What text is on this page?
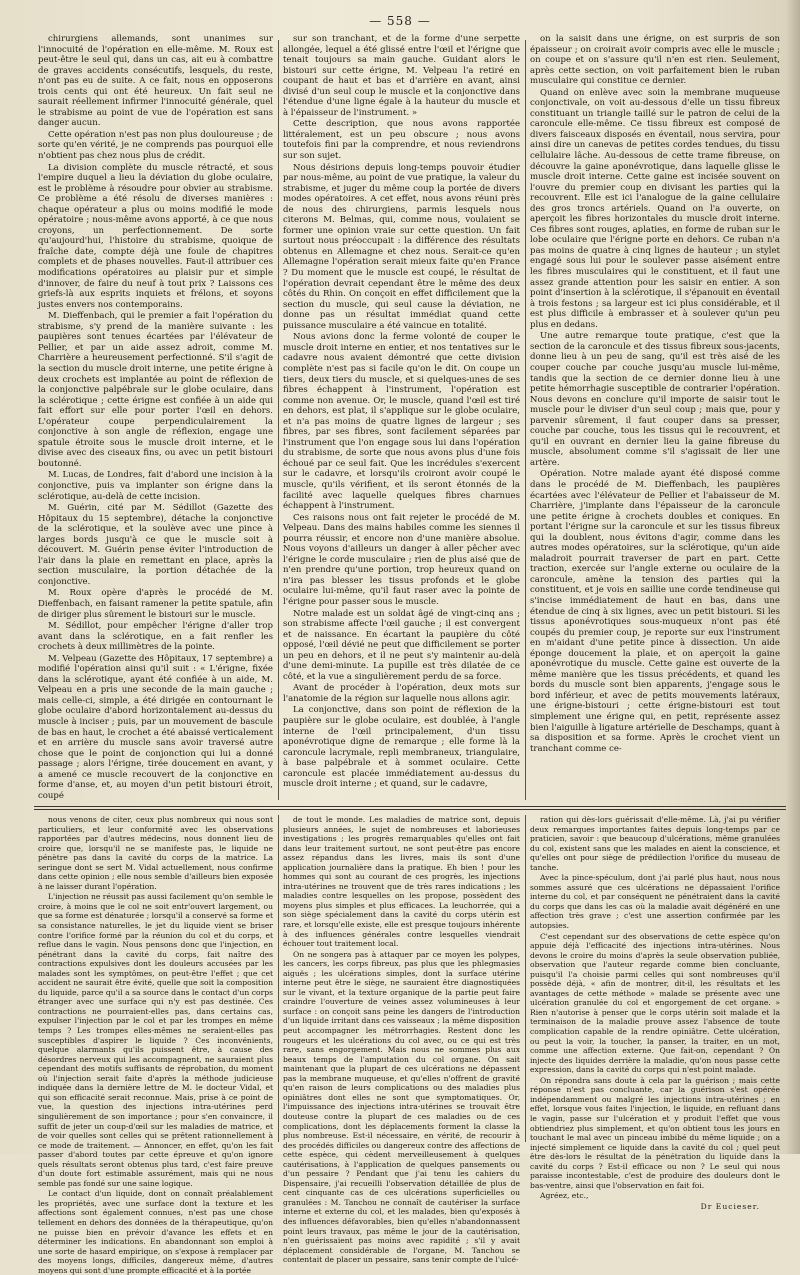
— 558 —

chirurgiens allemands, sont unanimes sur l'innocuité de l'opération en elle-même. M. Roux est peut-être le seul qui, dans un cas, ait eu à combattre de graves accidents consécutifs, lesquels, du reste, n'ont pas eu de suite. A ce fait, nous en opposerons trois cents qui ont été heureux. Un fait seul ne saurait réellement infirmer l'innocuité générale, quel le strabisme au point de vue de l'opération est sans danger aucun.

Cette opération n'est pas non plus douloureuse ; de sorte qu'en vérité, je ne comprends pas pourquoi elle n'obtient pas chez nous plus de crédit.

La division complète du muscle rétracté, et sous l'empire duquel a lieu la déviation du globe oculaire, est le problème à résoudre pour obvier au strabisme. Ce problème a été résolu de diverses manières : chaque opérateur a plus ou moins modifié le mode opératoire ; nous-même avons apporté, à ce que nous croyons, un perfectionnement. De sorte qu'aujourd'hui, l'histoire du strabisme, quoique de fraîche date, compte déjà une foule de chapitres complets et de phases nouvelles. Faut-il attribuer ces modifications opératoires au plaisir pur et simple d'innover, de faire du neuf à tout prix ? Laissons ces griefs-là aux esprits inquiets et frélons, et soyons justes envers nos contemporains.

M. Dieffenbach, qui le premier a fait l'opération du strabisme, s'y prend de la manière suivante : les paupières sont tenues écartées par l'élévateur de Pellier, et par un aide assez adroit, comme M. Charrière a heureusement perfectionné. S'il s'agit de la section du muscle droit interne, une petite érigne à deux crochets est implantée au point de réflexion de la conjonctive palpébrale sur le globe oculaire, dans la sclérotique ; cette érigne est confiée à un aide qui fait effort sur elle pour porter l'œil en dehors. L'opérateur coupe perpendiculairement la conjonctive à son angle de réflexion, engage une spatule étroite sous le muscle droit interne, et le divise avec des ciseaux fins, ou avec un petit bistouri boutonné.

M. Lucas, de Londres, fait d'abord une incision à la conjonctive, puis va implanter son érigne dans la sclérotique, au-delà de cette incision.

M. Guérin, cité par M. Sédillot (Gazette des Hôpitaux du 15 septembre), détache la conjonctive de la sclérotique, et la soulève avec une pince à larges bords jusqu'à ce que le muscle soit à découvert. M. Guérin pense éviter l'introduction de l'air dans la plaie en remettant en place, après la section musculaire, la portion détachée de la conjonctive.

M. Roux opère d'après le procédé de M. Dieffenbach, en faisant ramener la petite spatule, afin de diriger plus sûrement le bistouri sur le muscle.

M. Sédillot, pour empêcher l'érigne d'aller trop avant dans la sclérotique, en a fait renfler les crochets à deux millimètres de la pointe.

M. Velpeau (Gazette des Hôpitaux, 17 septembre) a modifié l'opération ainsi qu'il suit : « L'érigne, fixée dans la sclérotique, ayant été confiée à un aide, M. Velpeau en a pris une seconde de la main gauche ; mais celle-ci, simple, a été dirigée en contournant le globe oculaire d'abord horizontalement au-dessus du muscle à inciser ; puis, par un mouvement de bascule de bas en haut, le crochet a été abaissé verticalement et en arrière du muscle sans avoir traversé autre chose que le point de conjonction qui lui a donné passage ; alors l'érigne, tirée doucement en avant, y a amené ce muscle recouvert de la conjonctive en forme d'anse, et, au moyen d'un petit bistouri étroit, coupé

sur son tranchant, et de la forme d'une serpette allongée, lequel a été glissé entre l'œil et l'érigne que tenait toujours sa main gauche. Guidant alors le bistouri sur cette érigne, M. Velpeau l'a retiré en coupant de haut et bas et d'arrière en avant, ainsi divisé d'un seul coup le muscle et la conjonctive dans l'étendue d'une ligne égale à la hauteur du muscle et à l'épaisseur de l'instrument. »

Cette description, que nous avons rapportée littéralement, est un peu obscure ; nous avons toutefois fini par la comprendre, et nous reviendrons sur son sujet.

Nous désirions depuis long-temps pouvoir étudier par nous-même, au point de vue pratique, la valeur du strabisme, et juger du même coup la portée de divers modes opératoires. A cet effet, nous avons réuni près de nous des chirurgiens, parmis lesquels nous citerons M. Belmas, qui, comme nous, voulaient se former une opinion vraie sur cette question. Un fait surtout nous préoccupait : la différence des résultats obtenus en Allemagne et chez nous. Serait-ce qu'en Allemagne l'opération serait mieux faite qu'en France ? Du moment que le muscle est coupé, le résultat de l'opération devrait cependant être le même des deux côtés du Rhin. On conçoit en effet difficilement que la section du muscle, qui seul cause la déviation, ne donne pas un résultat immédiat quand cette puissance musculaire a été vaincue en totalité.

Nous avions donc la ferme volonté de couper le muscle droit interne en entier, et nos tentatives sur le cadavre nous avaient démontré que cette division complète n'est pas si facile qu'on le dit. On coupe un tiers, deux tiers du muscle, et si quelques-unes de ses fibres échappent à l'instrument, l'opération est comme non avenue. Or, le muscle, quand l'œil est tiré en dehors, est plat, il s'applique sur le globe oculaire, et n'a pas moins de quatre lignes de largeur ; ses fibres, par ses fibres, sont facilement séparées par l'instrument que l'on engage sous lui dans l'opération du strabisme, de sorte que nous avons plus d'une fois échoué par ce seul fait. Que les incrédules s'exercent sur le cadavre, et lorsqu'ils croiront avoir coupé le muscle, qu'ils vérifient, et ils seront étonnés de la facilité avec laquelle quelques fibres charnues échappent à l'instrument.

Ces raisons nous ont fait rejeter le procédé de M. Velpeau. Dans des mains habiles comme les siennes il pourra réussir, et encore non d'une manière absolue. Nous voyons d'ailleurs un danger à aller pêcher avec l'érigne le corde musculaire ; rien de plus aisé que de n'en prendre qu'une portion, trop heureux quand on n'ira pas blesser les tissus profonds et le globe oculaire lui-même, qu'il faut raser avec la pointe de l'érigne pour passer sous le muscle.

Notre malade est un soldat âgé de vingt-cinq ans ; son strabisme affecte l'œil gauche ; il est convergent et de naissance. En écartant la paupière du côté opposé, l'œil dévié ne peut que difficilement se porter un peu en dehors, et il ne peut s'y maintenir au-delà d'une demi-minute. La pupille est très dilatée de ce côté, et la vue a singulièrement perdu de sa force.

Avant de procéder à l'opération, deux mots sur l'anatomie de la région sur laquelle nous allons agir.

La conjonctive, dans son point de réflexion de la paupière sur le globe oculaire, est doublée, à l'angle interne de l'œil principalement, d'un tissu aponévrotique digne de remarque ; elle forme là la caroncule lacrymale, repli membraneux, triangulaire, à base palpébrale et à sommet oculaire. Cette caroncule est placée immédiatement au-dessus du muscle droit interne ; et quand, sur le cadavre,

on la saisit dans une érigne, on est surpris de son épaisseur ; on croirait avoir compris avec elle le muscle ; on coupe et on s'assure qu'il n'en est rien. Seulement, après cette section, on voit parfaitement bien le ruban musculaire qui constitue ce dernier.

Quand on enlève avec soin la membrane muqueuse conjonctivale, on voit au-dessous d'elle un tissu fibreux constituant un triangle taillé sur le patron de celui de la caroncule elle-même. Ce tissu fibreux est composé de divers faisceaux disposés en éventail, nous servira, pour ainsi dire un canevas de petites cordes tendues, du tissu cellulaire lâche. Au-dessous de cette trame fibreuse, on découvre la gaine aponévrotique, dans laquelle glisse le muscle droit interne. Cette gaine est incisée souvent on l'ouvre du premier coup en divisant les parties qui la recouvrent. Elle est ici l'analogue de la gaine cellulaire des gros troncs artériels. Quand on l'a ouverte, on aperçoit les fibres horizontales du muscle droit interne. Ces fibres sont rouges, aplaties, en forme de ruban sur le lobe oculaire que l'érigne porte en dehors. Ce ruban n'a pas moins de quatre à cinq lignes de hauteur ; un stylet engagé sous lui pour le soulever passe aisément entre les fibres musculaires qui le constituent, et il faut une assez grande attention pour les saisir en entier. A son point d'insertion à la sclérotique, il s'épanouit en éventail à trois festons ; sa largeur est ici plus considérable, et il est plus difficile à embrasser et à soulever qu'un peu plus en dedans.

Une autre remarque toute pratique, c'est que la section de la caroncule et des tissus fibreux sous-jacents, donne lieu à un peu de sang, qu'il est très aisé de les couper couche par couche jusqu'au muscle lui-même, tandis que la section de ce dernier donne lieu à une petite hémorrhagie susceptible de contrarier l'opération. Nous devons en conclure qu'il importe de saisir tout le muscle pour le diviser d'un seul coup ; mais que, pour y parvenir sûrement, il faut couper dans sa presser, couche par couche, tous les tissus qui le recouvrent, et qu'il en ouvrant en dernier lieu la gaine fibreuse du muscle, absolument comme s'il s'agissait de lier une artère.

Opération. Notre malade ayant été disposé comme dans le procédé de M. Dieffenbach, les paupières écartées avec l'élévateur de Pellier et l'abaisseur de M. Charrière, j'implante dans l'épaisseur de la caroncule une petite érigne à crochets doubles et coniques. En portant l'érigne sur la caroncule et sur les tissus fibreux qui la doublent, nous évitons d'agir, comme dans les autres modes opératoires, sur la sclérotique, qu'un aide maladroit pourrait traverser de part en part. Cette traction, exercée sur l'angle externe ou oculaire de la caroncule, amène la tension des parties qui la constituent, et je vois en saillie une corde tendineuse qui s'incise immédiatement de haut en bas, dans une étendue de cinq à six lignes, avec un petit bistouri. Si les tissus aponévrotiques sous-muqueux n'ont pas été coupés du premier coup, je reporte sur eux l'instrument en m'aidant d'une petite pince à dissection. Un aide éponge doucement la plaie, et on aperçoit la gaine aponévrotique du muscle. Cette gaine est ouverte de la même manière que les tissus précédents, et quand les bords du muscle sont bien apparents, j'engage sous le bord inférieur, et avec de petits mouvements latéraux, une érigne-bistouri ; cette érigne-bistouri est tout simplement une érigne qui, en petit, représente assez bien l'aiguille à ligature artérielle de Deschamps, quant à sa disposition et sa forme. Après le crochet vient un tranchant comme ce-

nous venons de citer, ceux plus nombreux qui nous sont particuliers, et leur conformité avec les observations rapportées par d'autres médecins, nous donnent lieu de croire que, lorsqu'il ne se manifeste pas, le liquide ne pénètre pas dans la cavité du corps de la matrice. La seringue dont se sert M. Vidal actuellement, nous confirme dans cette opinion ; elle nous semble d'ailleurs bien exposée à ne laisser durant l'opération.

L'injection ne réussit pas aussi facilement qu'on semble le croire, à moins que le col ne soit entr'ouvert largement, ou que sa forme est dénaturée ; lorsqu'il a conservé sa forme et sa consistance naturelles, le jet du liquide vient se briser contre l'orifice formé par la réunion du col et du corps, et reflue dans le vagin. Nous pensons donc que l'injection, en pénétrant dans la cavité du corps, fait naître des contractions expulsives dont les douleurs accusées par les malades sont les symptômes, on peut-être l'effet ; que cet accident ne saurait être évité, quelle que soit la composition du liquide, parce qu'il a sa source dans le contact d'un corps étranger avec une surface qui n'y est pas destinée. Ces contractions ne pourraient-elles pas, dans certains cas, expulser l'injection par le col et par les trompes en même temps ? Les trompes elles-mêmes ne seraient-elles pas susceptibles d'aspirer le liquide ? Ces inconvénients, quelque alarmants qu'ils puissent être, à cause des désordres nerveux qui les accompagnent, ne sauraient plus cependant des motifs suffisants de réprobation, du moment où l'injection serait faite d'après la méthode judicieuse indiquée dans la dernière lettre de M. le docteur Vidal, et qui son efficacité serait reconnue. Mais, prise à ce point de vue, la question des injections intra-utérines perd singulièrement de son importance ; pour s'en convaincre, il suffit de jeter un coup-d'œil sur les maladies de matrice, et de voir quelles sont celles qui se prêtent rationnellement à ce mode de traitement. — Annoncer, en effet, qu'on les fait passer d'abord toutes par cette épreuve et qu'on ignore quels résultats seront obtenus plus tard, c'est faire preuve d'un doute fort estimable assurément, mais qui ne nous semble pas fondé sur une saine logique.

Le contact d'un liquide, dont on connaît préalablement les propriétés, avec une surface dont la texture et les affections sont également connues, n'est pas une chose tellement en dehors des données de la thérapeutique, qu'on ne puisse bien en prévoir d'avance les effets et en déterminer les indications. En abandonnant son emploi à une sorte de hasard empirique, on s'expose à remplacer par des moyens longs, difficiles, dangereux même, d'autres moyens qui sont d'une prompte efficacité et à la portée

de tout le monde. Les maladies de matrice sont, depuis plusieurs années, le sujet de nombreuses et laborieuses investigations ; les progrès remarquables qu'elles ont fait dans leur traitement surtout, ne sont peut-être pas encore assez répandus dans les livres, mais ils sont d'une application journalière dans la pratique. Eh bien ! pour les hommes qui sont au courant de ces progrès, les injections intra-utérines ne trouvent que de très rares indications ; les maladies contre lesquelles on les propose, possèdent des moyens plus simples et plus efficaces. La leuchorrée, qui a son siège spécialement dans la cavité du corps utérin est rare, et lorsqu'elle existe, elle est presque toujours inhérente à des influences générales contre lesquelles viendrait échouer tout traitement local.

On ne songera pas à attaquer par ce moyen les polypes, les cancers, les corps fibreux, pas plus que les phlegmasies aiguës ; les ulcérations simples, dont la surface utérine interne peut être le siège, ne sauraient être diagnostiquées sur le vivant, et la texture organique de la partie peut faire craindre l'ouverture de veines assez volumineuses à leur surface : on conçoit sans peine les dangers de l'introduction d'un liquide irritant dans ces vaisseaux ; la même disposition peut accompagner les métrorrhagies. Restent donc les rougeurs et les ulcérations du col avec, ou ce qui est très rare, sans engorgement. Mais nous ne sommes plus aux beaux temps de l'amputation du col organe. On sait maintenant que la plupart de ces ulcérations ne dépassent pas la membrane muqueuse, et qu'elles n'offrent de gravité qu'en raison de leurs complications ou des maladies plus opiniâtres dont elles ne sont que symptomatiques. Or, l'impuissance des injections intra-utérines se trouvait être douteuse contre la plupart de ces maladies ou de ces complications, dont les déplacements forment la classe la plus nombreuse. Est-il nécessaire, en vérité, de recourir à des procédés difficiles ou dangereux contre des affections de cette espèce, qui cèdent merveilleusement à quelques cautérisations, à l'application de quelques pansements ou d'un pessaire ? Pendant que j'ai tenu les cahiers du Dispensaire, j'ai recueilli l'observation détaillée de plus de cent cinquante cas de ces ulcérations superficielles ou granulées : M. Tanchou ne connaît de cautériser la surface interne et externe du col, et les malades, bien qu'exposés à des influences défavorables, bien qu'elles n'abandonnassent point leurs travaux, pas même le jour de la cautérisation, n'en guérissaient pas moins avec rapidité ; s'il y avait déplacement considérable de l'organe, M. Tanchou se contentait de placer un pessaire, sans tenir compte de l'ulcé-

ration qui dès-lors guérissait d'elle-même. Là, j'ai pu vérifier deux remarques importantes faites depuis long-temps par ce praticien, savoir : que beaucoup d'ulcérations, même granulées du col, existent sans que les malades en aient la conscience, et qu'elles ont pour siège de prédilection l'orifice du museau de tanche.

Avec la pince-spéculum, dont j'ai parlé plus haut, nous nous sommes assuré que ces ulcérations ne dépassaient l'orifice interne du col, et par conséquent ne pénétraient dans la cavité du corps que dans les cas où la maladie avait dégénéré en une affection très grave ; c'est une assertion confirmée par les autopsies.

C'est cependant sur des observations de cette espèce qu'on appuie déjà l'efficacité des injections intra-utérines. Nous devons le croire du moins d'après la seule observation publiée, observation que l'auteur regarde comme bien concluante, puisqu'il l'a choisie parmi celles qui sont nombreuses qu'il possède déjà, « afin de montrer, dit-il, les résultats et les avantages de cette méthode » malade se présente avec une ulcération granulée du col et engorgement de cet organe. » Rien n'autorise à penser que le corps utérin soit malade et la terminaison de la maladie prouve assez l'absence de toute complication capable de la rendre opiniâtre. Cette ulcération, ou peut la voir, la toucher, la panser, la traiter, en un mot, comme une affection externe. Que fait-on, cependant ? On injecte des liquides derrière la maladie, qu'on nous passe cette expression, dans la cavité du corps qui n'est point malade.

On répondra sans doute à cela par la guérison ; mais cette réponse n'est pas concluante, car la guérison s'est opérée indépendamment ou malgré les injections intra-utérines ; en effet, lorsque vous faites l'injection, le liquide, en refluant dans le vagin, passe sur l'ulcération et y produit l'effet que vous obtiendriez plus simplement, et qu'on obtient tous les jours en touchant le mal avec un pinceau imbibé du même liquide ; on a injecté simplement ce liquide dans la cavité du col ; quel peut être dès-lors le résultat de la pénétration du liquide dans la cavité du corps ? Est-il efficace ou non ? Le seul qui nous paraisse incontestable, c'est de produire des douleurs dont le bas-ventre, ainsi que l'observation en fait foi.

Agréez, etc.,

Dr Eucieser.
